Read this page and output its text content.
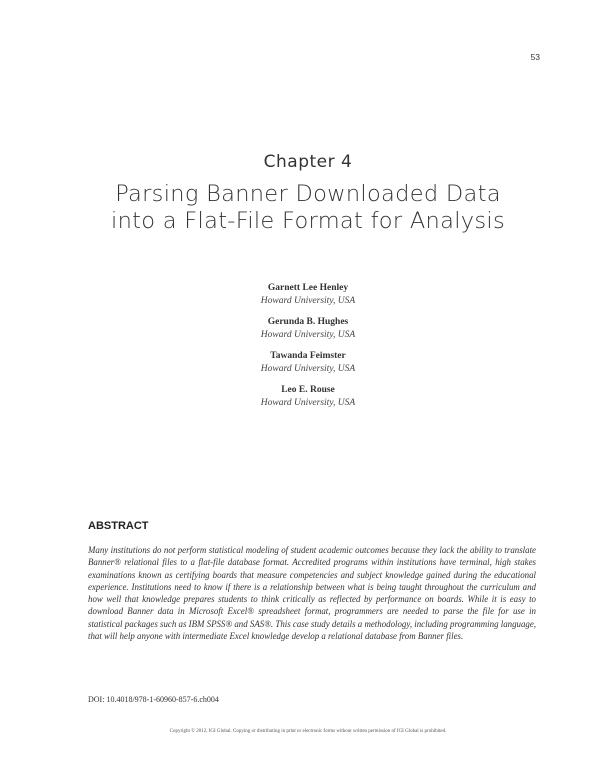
53
Chapter 4
Parsing Banner Downloaded Data into a Flat-File Format for Analysis
Garnett Lee Henley
Howard University, USA
Gerunda B. Hughes
Howard University, USA
Tawanda Feimster
Howard University, USA
Leo E. Rouse
Howard University, USA
ABSTRACT
Many institutions do not perform statistical modeling of student academic outcomes because they lack the ability to translate Banner® relational files to a flat-file database format. Accredited programs within institutions have terminal, high stakes examinations known as certifying boards that measure competencies and subject knowledge gained during the educational experience. Institutions need to know if there is a relationship between what is being taught throughout the curriculum and how well that knowledge prepares students to think critically as reflected by performance on boards. While it is easy to download Banner data in Microsoft Excel® spreadsheet format, programmers are needed to parse the file for use in statistical packages such as IBM SPSS® and SAS®. This case study details a methodology, including programming language, that will help anyone with intermediate Excel knowledge develop a relational database from Banner files.
DOI: 10.4018/978-1-60960-857-6.ch004
Copyright © 2012, IGI Global. Copying or distributing in print or electronic forms without written permission of IGI Global is prohibited.
